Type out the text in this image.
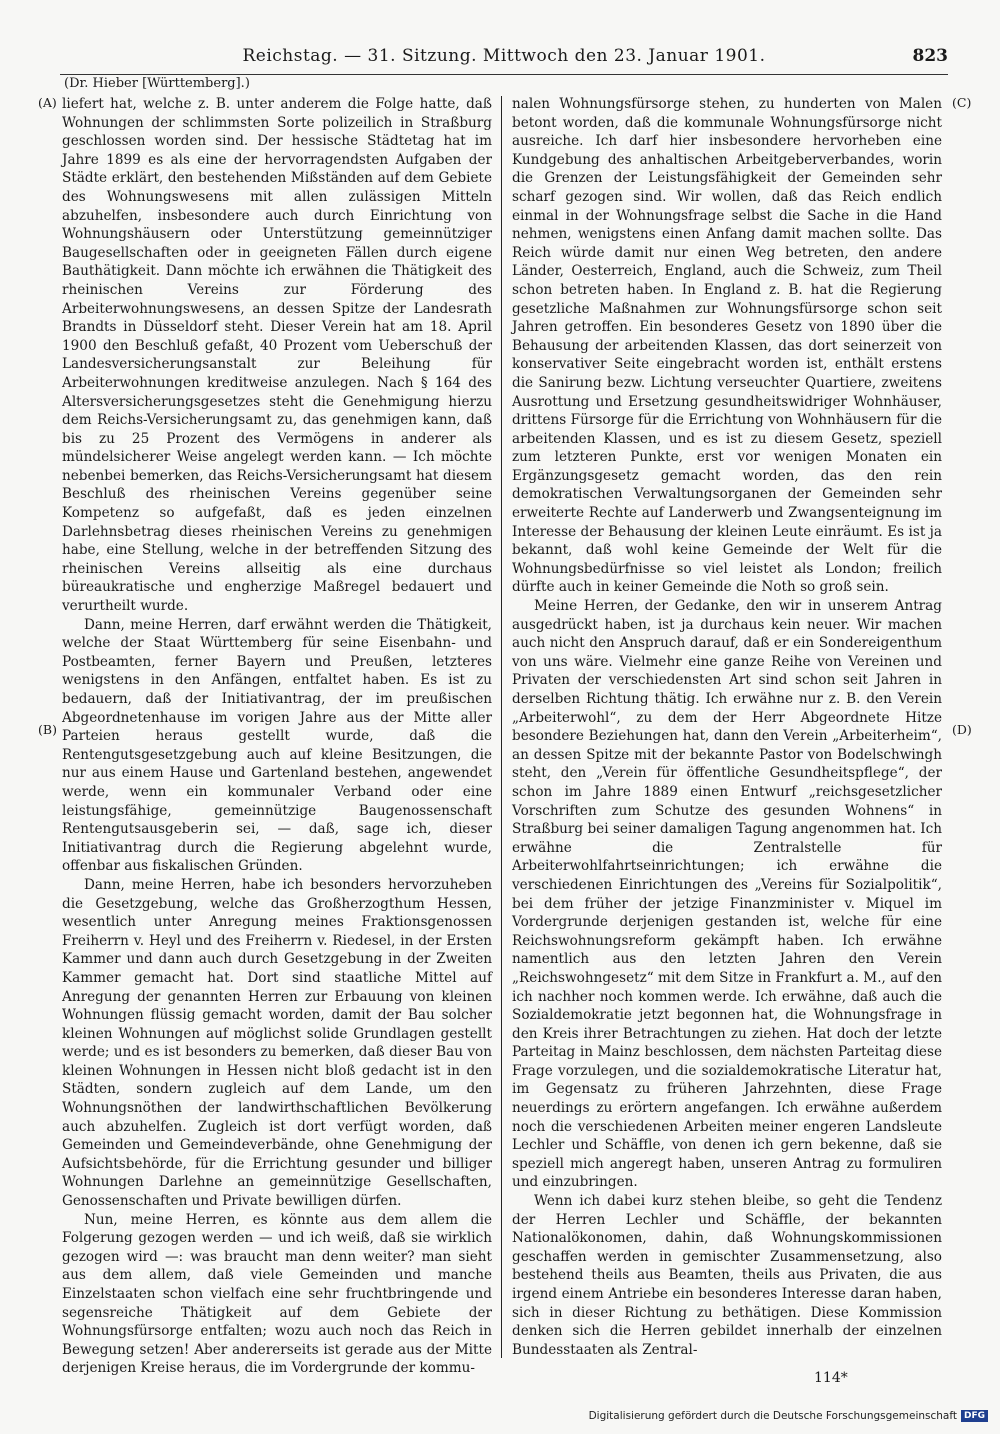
Reichstag. — 31. Sitzung. Mittwoch den 23. Januar 1901.	823
(Dr. Hieber [Württemberg].)
(A)
(B)
(C)
(D)

liefert hat, welche z. B. unter anderem die Folge hatte, daß Wohnungen der schlimmsten Sorte polizeilich in Straßburg geschlossen worden sind. Der hessische Städtetag hat im Jahre 1899 es als eine der hervorragendsten Aufgaben der Städte erklärt, den bestehenden Mißständen auf dem Gebiete des Wohnungswesens mit allen zulässigen Mitteln abzuhelfen, insbesondere auch durch Einrichtung von Wohnungshäusern oder Unterstützung gemeinnütziger Baugesellschaften oder in geeigneten Fällen durch eigene Bauthätigkeit. Dann möchte ich erwähnen die Thätigkeit des rheinischen Vereins zur Förderung des Arbeiterwohnungswesens, an dessen Spitze der Landesrath Brandts in Düsseldorf steht. Dieser Verein hat am 18. April 1900 den Beschluß gefaßt, 40 Prozent vom Ueberschuß der Landesversicherungsanstalt zur Beleihung für Arbeiterwohnungen kreditweise anzulegen. Nach § 164 des Altersversicherungsgesetzes steht die Genehmigung hierzu dem Reichs-Versicherungsamt zu, das genehmigen kann, daß bis zu 25 Prozent des Vermögens in anderer als mündelsicherer Weise angelegt werden kann. — Ich möchte nebenbei bemerken, das Reichs-Versicherungsamt hat diesem Beschluß des rheinischen Vereins gegenüber seine Kompetenz so aufgefaßt, daß es jeden einzelnen Darlehnsbetrag dieses rheinischen Vereins zu genehmigen habe, eine Stellung, welche in der betreffenden Sitzung des rheinischen Vereins allseitig als eine durchaus büreaukratische und engherzige Maßregel bedauert und verurtheilt wurde.

Dann, meine Herren, darf erwähnt werden die Thätigkeit, welche der Staat Württemberg für seine Eisenbahn- und Postbeamten, ferner Bayern und Preußen, letzteres wenigstens in den Anfängen, entfaltet haben. Es ist zu bedauern, daß der Initiativantrag, der im preußischen Abgeordnetenhause im vorigen Jahre aus der Mitte aller Parteien heraus gestellt wurde, daß die Rentengutsgesetzgebung auch auf kleine Besitzungen, die nur aus einem Hause und Gartenland bestehen, angewendet werde, wenn ein kommunaler Verband oder eine leistungsfähige, gemeinnützige Baugenossenschaft Rentengutsausgeberin sei, — daß, sage ich, dieser Initiativantrag durch die Regierung abgelehnt wurde, offenbar aus fiskalischen Gründen.

Dann, meine Herren, habe ich besonders hervorzuheben die Gesetzgebung, welche das Großherzogthum Hessen, wesentlich unter Anregung meines Fraktionsgenossen Freiherrn v. Heyl und des Freiherrn v. Riedesel, in der Ersten Kammer und dann auch durch Gesetzgebung in der Zweiten Kammer gemacht hat. Dort sind staatliche Mittel auf Anregung der genannten Herren zur Erbauung von kleinen Wohnungen flüssig gemacht worden, damit der Bau solcher kleinen Wohnungen auf möglichst solide Grundlagen gestellt werde; und es ist besonders zu bemerken, daß dieser Bau von kleinen Wohnungen in Hessen nicht bloß gedacht ist in den Städten, sondern zugleich auf dem Lande, um den Wohnungsnöthen der landwirthschaftlichen Bevölkerung auch abzuhelfen. Zugleich ist dort verfügt worden, daß Gemeinden und Gemeindeverbände, ohne Genehmigung der Aufsichtsbehörde, für die Errichtung gesunder und billiger Wohnungen Darlehne an gemeinnützige Gesellschaften, Genossenschaften und Private bewilligen dürfen.

Nun, meine Herren, es könnte aus dem allem die Folgerung gezogen werden — und ich weiß, daß sie wirklich gezogen wird —: was braucht man denn weiter? man sieht aus dem allem, daß viele Gemeinden und manche Einzelstaaten schon vielfach eine sehr fruchtbringende und segensreiche Thätigkeit auf dem Gebiete der Wohnungsfürsorge entfalten; wozu auch noch das Reich in Bewegung setzen! Aber andererseits ist gerade aus der Mitte derjenigen Kreise heraus, die im Vordergrunde der kommu-

nalen Wohnungsfürsorge stehen, zu hunderten von Malen betont worden, daß die kommunale Wohnungsfürsorge nicht ausreiche. Ich darf hier insbesondere hervorheben eine Kundgebung des anhaltischen Arbeitgeberverbandes, worin die Grenzen der Leistungsfähigkeit der Gemeinden sehr scharf gezogen sind. Wir wollen, daß das Reich endlich einmal in der Wohnungsfrage selbst die Sache in die Hand nehmen, wenigstens einen Anfang damit machen sollte. Das Reich würde damit nur einen Weg betreten, den andere Länder, Oesterreich, England, auch die Schweiz, zum Theil schon betreten haben. In England z. B. hat die Regierung gesetzliche Maßnahmen zur Wohnungsfürsorge schon seit Jahren getroffen. Ein besonderes Gesetz von 1890 über die Behausung der arbeitenden Klassen, das dort seinerzeit von konservativer Seite eingebracht worden ist, enthält erstens die Sanirung bezw. Lichtung verseuchter Quartiere, zweitens Ausrottung und Ersetzung gesundheitswidriger Wohnhäuser, drittens Fürsorge für die Errichtung von Wohnhäusern für die arbeitenden Klassen, und es ist zu diesem Gesetz, speziell zum letzteren Punkte, erst vor wenigen Monaten ein Ergänzungsgesetz gemacht worden, das den rein demokratischen Verwaltungsorganen der Gemeinden sehr erweiterte Rechte auf Landerwerb und Zwangsenteignung im Interesse der Behausung der kleinen Leute einräumt. Es ist ja bekannt, daß wohl keine Gemeinde der Welt für die Wohnungsbedürfnisse so viel leistet als London; freilich dürfte auch in keiner Gemeinde die Noth so groß sein.

Meine Herren, der Gedanke, den wir in unserem Antrag ausgedrückt haben, ist ja durchaus kein neuer. Wir machen auch nicht den Anspruch darauf, daß er ein Sondereigenthum von uns wäre. Vielmehr eine ganze Reihe von Vereinen und Privaten der verschiedensten Art sind schon seit Jahren in derselben Richtung thätig. Ich erwähne nur z. B. den Verein „Arbeiterwohl“, zu dem der Herr Abgeordnete Hitze besondere Beziehungen hat, dann den Verein „Arbeiterheim“, an dessen Spitze mit der bekannte Pastor von Bodelschwingh steht, den „Verein für öffentliche Gesundheitspflege“, der schon im Jahre 1889 einen Entwurf „reichsgesetzlicher Vorschriften zum Schutze des gesunden Wohnens“ in Straßburg bei seiner damaligen Tagung angenommen hat. Ich erwähne die Zentralstelle für Arbeiterwohlfahrtseinrichtungen; ich erwähne die verschiedenen Einrichtungen des „Vereins für Sozialpolitik“, bei dem früher der jetzige Finanzminister v. Miquel im Vordergrunde derjenigen gestanden ist, welche für eine Reichswohnungsreform gekämpft haben. Ich erwähne namentlich aus den letzten Jahren den Verein „Reichswohngesetz“ mit dem Sitze in Frankfurt a. M., auf den ich nachher noch kommen werde. Ich erwähne, daß auch die Sozialdemokratie jetzt begonnen hat, die Wohnungsfrage in den Kreis ihrer Betrachtungen zu ziehen. Hat doch der letzte Parteitag in Mainz beschlossen, dem nächsten Parteitag diese Frage vorzulegen, und die sozialdemokratische Literatur hat, im Gegensatz zu früheren Jahrzehnten, diese Frage neuerdings zu erörtern angefangen. Ich erwähne außerdem noch die verschiedenen Arbeiten meiner engeren Landsleute Lechler und Schäffle, von denen ich gern bekenne, daß sie speziell mich angeregt haben, unseren Antrag zu formuliren und einzubringen.

Wenn ich dabei kurz stehen bleibe, so geht die Tendenz der Herren Lechler und Schäffle, der bekannten Nationalökonomen, dahin, daß Wohnungskommissionen geschaffen werden in gemischter Zusammensetzung, also bestehend theils aus Beamten, theils aus Privaten, die aus irgend einem Antriebe ein besonderes Interesse daran haben, sich in dieser Richtung zu bethätigen. Diese Kommission denken sich die Herren gebildet innerhalb der einzelnen Bundesstaaten als Zentral-

114*
Digitalisierung gefördert durch die Deutsche Forschungsgemeinschaft DFG
